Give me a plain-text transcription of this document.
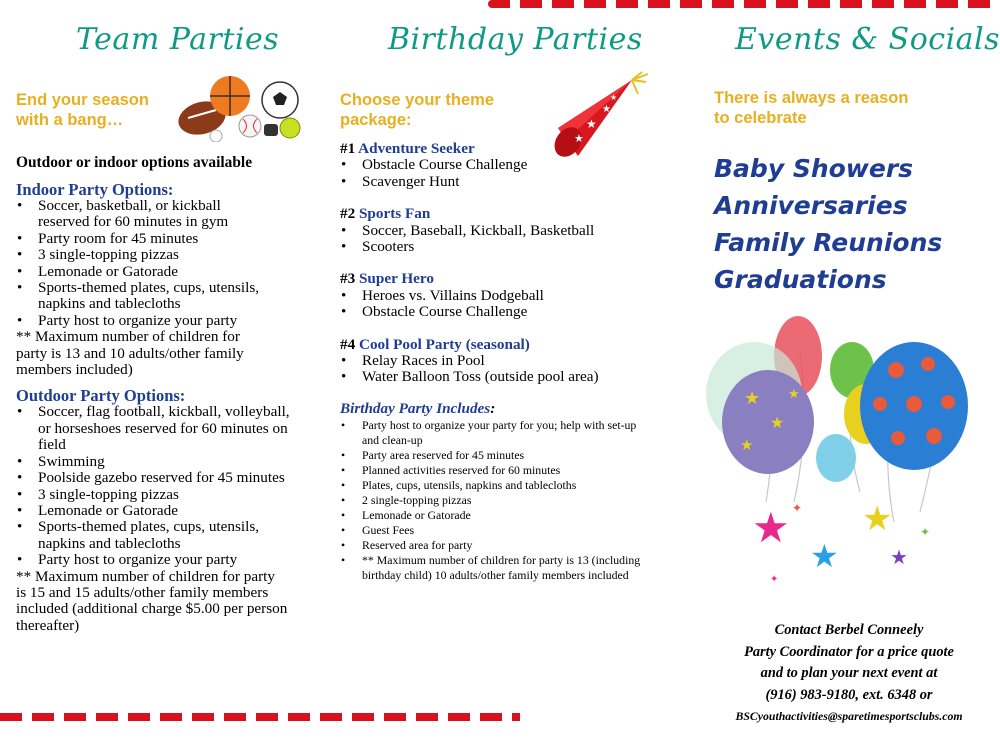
Team Parties
End your season
with a bang…
Outdoor or indoor options available
Indoor Party Options:
• Soccer, basketball, or kickball reserved for 60 minutes in gym
• Party room for 45 minutes
• 3 single-topping pizzas
• Lemonade or Gatorade
• Sports-themed plates, cups, utensils, napkins and tablecloths
• Party host to organize your party
** Maximum number of children for party is 13 and 10 adults/other family members included)
Outdoor Party Options:
• Soccer, flag football, kickball, volleyball, or horseshoes reserved for 60 minutes on field
• Swimming
• Poolside gazebo reserved for 45 minutes
• 3 single-topping pizzas
• Lemonade or Gatorade
• Sports-themed plates, cups, utensils, napkins and tablecloths
• Party host to organize your party
** Maximum number of children for party is 15 and 15 adults/other family members included (additional charge $5.00 per person thereafter)
Birthday Parties
Choose your theme
package:	★
★
★
★
#1 Adventure Seeker
• Obstacle Course Challenge
• Scavenger Hunt
#2 Sports Fan
• Soccer, Baseball, Kickball, Basketball
• Scooters
#3 Super Hero
• Heroes vs. Villains Dodgeball
• Obstacle Course Challenge
#4 Cool Pool Party (seasonal)
• Relay Races in Pool
• Water Balloon Toss (outside pool area)
Birthday Party Includes:
• Party host to organize your party for you; help with set-up and clean-up
• Party area reserved for 45 minutes
• Planned activities reserved for 60 minutes
• Plates, cups, utensils, napkins and tablecloths
• 2 single-topping pizzas
• Lemonade or Gatorade
• Guest Fees
• Reserved area for party
• ** Maximum number of children for party is 13 (including birthday child) 10 adults/other family members included
Events & Socials
There is always a reason
to celebrate
Baby Showers
Anniversaries
Family Reunions
Graduations
★
★
★
★
★
★
★
★
✦
✦
✦
Contact Berbel Conneely
Party Coordinator for a price quote
and to plan your next event at
(916) 983-9180, ext. 6348 or
BSCyouthactivities@sparetimesportsclubs.com
